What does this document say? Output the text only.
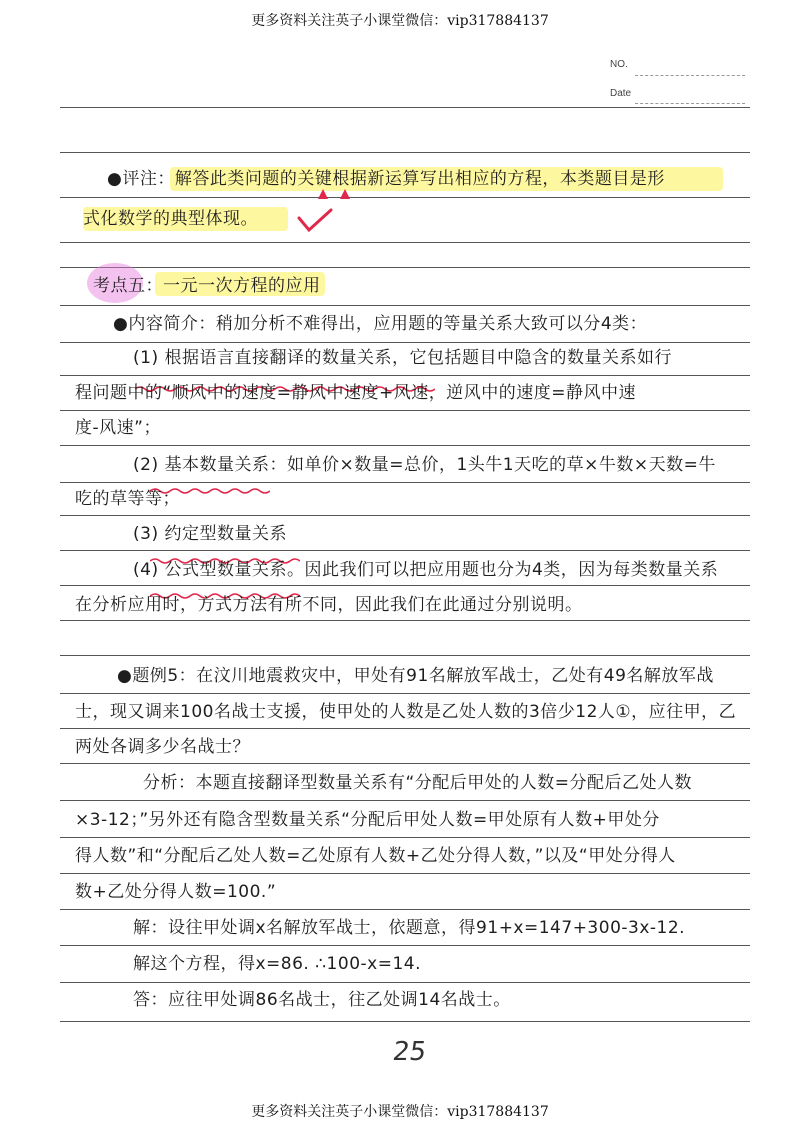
更多资料关注英子小课堂微信：vip317884137
NO.
Date
●评注：解答此类问题的关键根据新运算写出相应的方程，本类题目是形
式化数学的典型体现。
考点五：一元一次方程的应用
●内容简介：稍加分析不难得出，应用题的等量关系大致可以分4类：
(1) 根据语言直接翻译的数量关系，它包括题目中隐含的数量关系如行
程问题中的“顺风中的速度=静风中速度+风速，逆风中的速度=静风中速
度-风速”；
(2) 基本数量关系：如单价×数量=总价，1头牛1天吃的草×牛数×天数=牛
吃的草等等；
(3) 约定型数量关系
(4) 公式型数量关系。因此我们可以把应用题也分为4类，因为每类数量关系
在分析应用时，方式方法有所不同，因此我们在此通过分别说明。
●题例5：在汶川地震救灾中，甲处有91名解放军战士，乙处有49名解放军战
士，现又调来100名战士支援，使甲处的人数是乙处人数的3倍少12人①，应往甲，乙
两处各调多少名战士？
分析：本题直接翻译型数量关系有“分配后甲处的人数=分配后乙处人数
×3-12；”另外还有隐含型数量关系“分配后甲处人数=甲处原有人数+甲处分
得人数”和“分配后乙处人数=乙处原有人数+乙处分得人数，”以及“甲处分得人
数+乙处分得人数=100.”
解：设往甲处调x名解放军战士，依题意，得91+x=147+300-3x-12.
解这个方程，得x=86. ∴100-x=14.
答：应往甲处调86名战士，往乙处调14名战士。
25
更多资料关注英子小课堂微信：vip317884137
